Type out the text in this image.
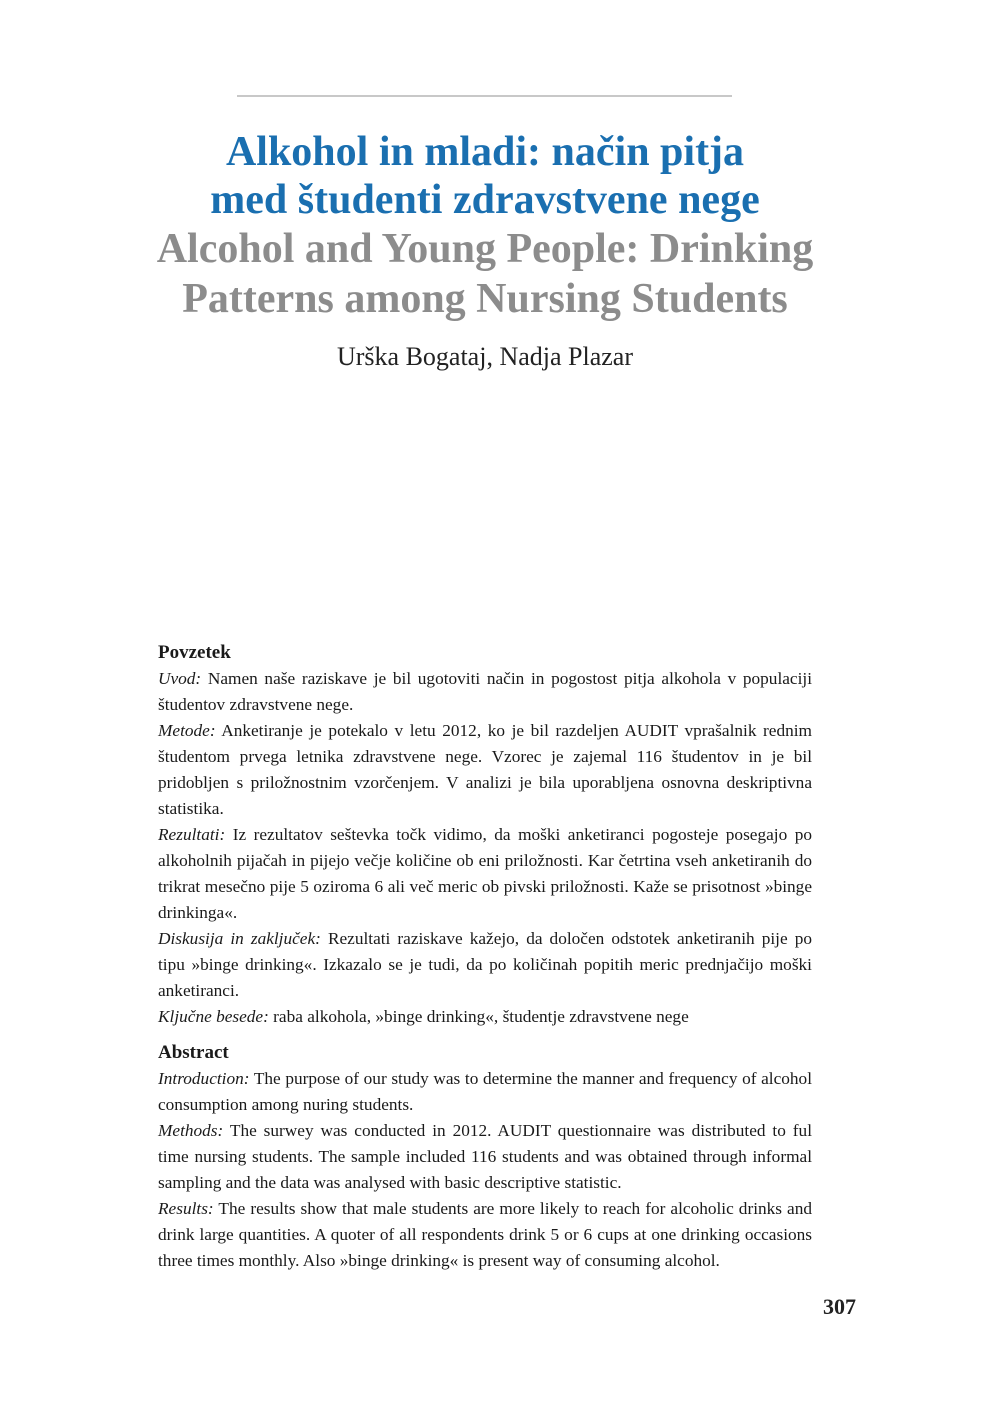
Alkohol in mladi: način pitja
med študenti zdravstvene nege
Alcohol and Young People: Drinking
Patterns among Nursing Students
Urška Bogataj, Nadja Plazar

Povzetek

Uvod: Namen naše raziskave je bil ugotoviti način in pogostost pitja alkohola v populaciji študentov zdravstvene nege.

Metode: Anketiranje je potekalo v letu 2012, ko je bil razdeljen AUDIT vprašalnik rednim študentom prvega letnika zdravstvene nege. Vzorec je zajemal 116 študentov in je bil pridobljen s priložnostnim vzorčenjem. V analizi je bila uporabljena osnovna deskriptivna statistika.

Rezultati: Iz rezultatov seštevka točk vidimo, da moški anketiranci pogosteje posegajo po alkoholnih pijačah in pijejo večje količine ob eni priložnosti. Kar četrtina vseh anketiranih do trikrat mesečno pije 5 oziroma 6 ali več meric ob pivski priložnosti. Kaže se prisotnost »binge drinkinga«.

Diskusija in zaključek: Rezultati raziskave kažejo, da določen odstotek anketiranih pije po tipu »binge drinking«. Izkazalo se je tudi, da po količinah popitih meric prednjačijo moški anketiranci.

Ključne besede: raba alkohola, »binge drinking«, študentje zdravstvene nege

Abstract

Introduction: The purpose of our study was to determine the manner and frequency of alcohol consumption among nuring students.

Methods: The surwey was conducted in 2012. AUDIT questionnaire was distributed to ful time nursing students. The sample included 116 students and was obtained through informal sampling and the data was analysed with basic descriptive statistic.

Results: The results show that male students are more likely to reach for alcoholic drinks and drink large quantities. A quoter of all respondents drink 5 or 6 cups at one drinking occasions three times monthly. Also »binge drinking« is present way of consuming alcohol.

307
